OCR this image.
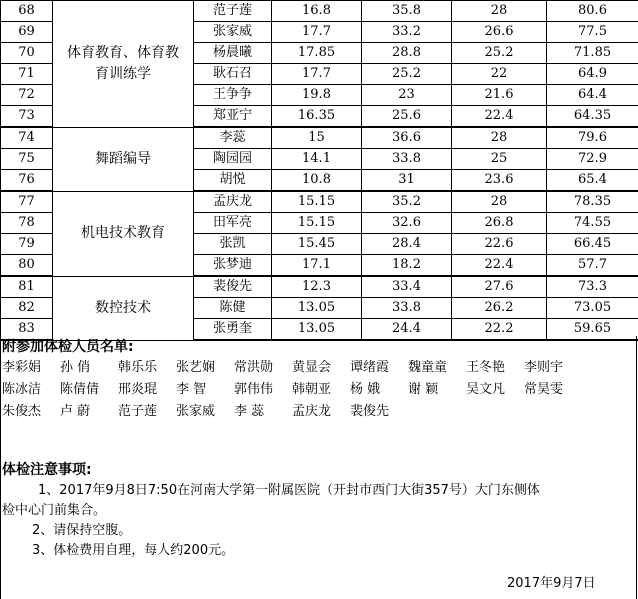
68	体育教育、体育教育训练学	范子莲	16.8	35.8	28	80.6
69		张家威	17.7	33.2	26.6	77.5
70		杨晨曦	17.85	28.8	25.2	71.85
71		耿石召	17.7	25.2	22	64.9
72		王争争	19.8	23	21.6	64.4
73		郑亚宁	16.35	25.6	22.4	64.35
74	舞蹈编导	李蕊	15	36.6	28	79.6
75		陶园园	14.1	33.8	25	72.9
76		胡悦	10.8	31	23.6	65.4
77	机电技术教育	孟庆龙	15.15	35.2	28	78.35
78		田军亮	15.15	32.6	26.8	74.55
79		张凯	15.45	28.4	22.6	66.45
80		张梦迪	17.1	18.2	22.4	57.7
81	数控技术	裴俊先	12.3	33.4	27.6	73.3
82		陈健	13.05	33.8	26.2	73.05
83		张勇奎	13.05	24.4	22.2	59.65
附参加体检人员名单:
李彩娟 孙 俏 韩乐乐 张艺娴 常洪勋 黄显会 谭绪霞 魏童童 王冬艳 李则宇
陈冰洁 陈倩倩 邢炎琨 李 智 郭伟伟 韩朝亚 杨 娥 谢 颖 吴文凡 常昊雯
朱俊杰 卢 蔚 范子莲 张家威 李 蕊 孟庆龙 裴俊先
体检注意事项:
1、2017年9月8日7:50在河南大学第一附属医院（开封市西门大街357号）大门东侧体
检中心门前集合。
2、请保持空腹。
3、体检费用自理，每人约200元。
2017年9月7日
